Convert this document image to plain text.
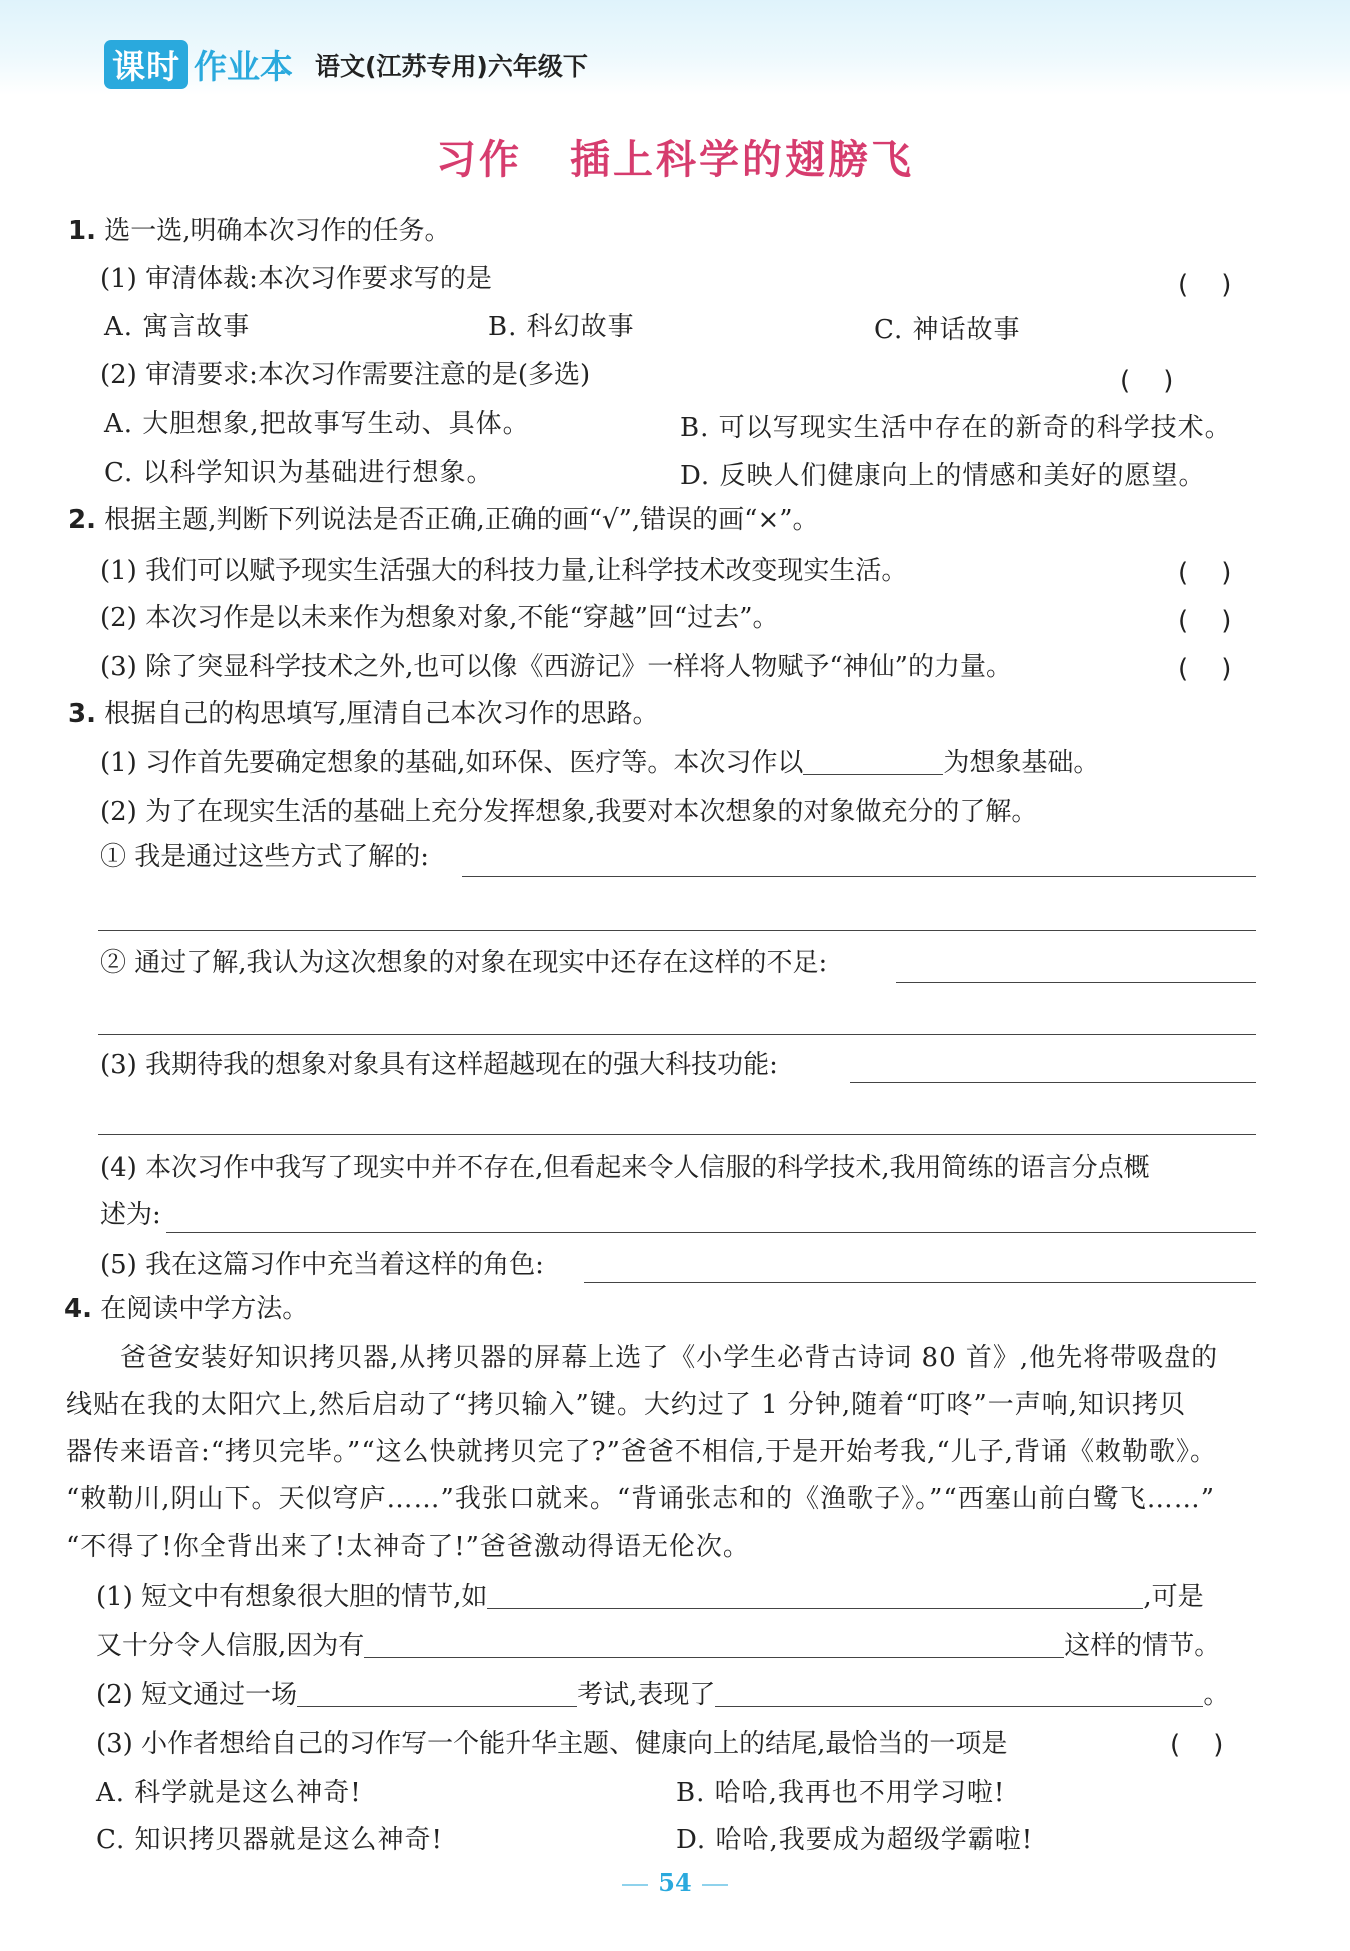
课时 作业本 语文(江苏专用)六年级下
习作 插上科学的翅膀飞
1. 选一选,明确本次习作的任务。
(1) 审清体裁:本次习作要求写的是	(    )
A. 寓言故事	B. 科幻故事	C. 神话故事
(2) 审清要求:本次习作需要注意的是(多选)	(    )
A. 大胆想象,把故事写生动、具体。	B. 可以写现实生活中存在的新奇的科学技术。
C. 以科学知识为基础进行想象。	D. 反映人们健康向上的情感和美好的愿望。
2. 根据主题,判断下列说法是否正确,正确的画“√”,错误的画“×”。
(1) 我们可以赋予现实生活强大的科技力量,让科学技术改变现实生活。	(    )
(2) 本次习作是以未来作为想象对象,不能“穿越”回“过去”。	(    )
(3) 除了突显科学技术之外,也可以像《西游记》一样将人物赋予“神仙”的力量。	(    )
3. 根据自己的构思填写,厘清自己本次习作的思路。
(1) 习作首先要确定想象的基础,如环保、医疗等。本次习作以	为想象基础。
(2) 为了在现实生活的基础上充分发挥想象,我要对本次想象的对象做充分的了解。
① 我是通过这些方式了解的:
② 通过了解,我认为这次想象的对象在现实中还存在这样的不足:
(3) 我期待我的想象对象具有这样超越现在的强大科技功能:
(4) 本次习作中我写了现实中并不存在,但看起来令人信服的科学技术,我用简练的语言分点概
述为:
(5) 我在这篇习作中充当着这样的角色:
4. 在阅读中学方法。
爸爸安装好知识拷贝器,从拷贝器的屏幕上选了《小学生必背古诗词 80 首》,他先将带吸盘的
线贴在我的太阳穴上,然后启动了“拷贝输入”键。大约过了 1 分钟,随着“叮咚”一声响,知识拷贝
器传来语音:“拷贝完毕。”“这么快就拷贝完了?”爸爸不相信,于是开始考我,“儿子,背诵《敕勒歌》。
“敕勒川,阴山下。天似穹庐……”我张口就来。“背诵张志和的《渔歌子》。”“西塞山前白鹭飞……”
“不得了!你全背出来了!太神奇了!”爸爸激动得语无伦次。
(1) 短文中有想象很大胆的情节,如	,可是
又十分令人信服,因为有	这样的情节。
(2) 短文通过一场	考试,表现了	。
(3) 小作者想给自己的习作写一个能升华主题、健康向上的结尾,最恰当的一项是	(    )
A. 科学就是这么神奇!	B. 哈哈,我再也不用学习啦!
C. 知识拷贝器就是这么神奇!	D. 哈哈,我要成为超级学霸啦!
54
